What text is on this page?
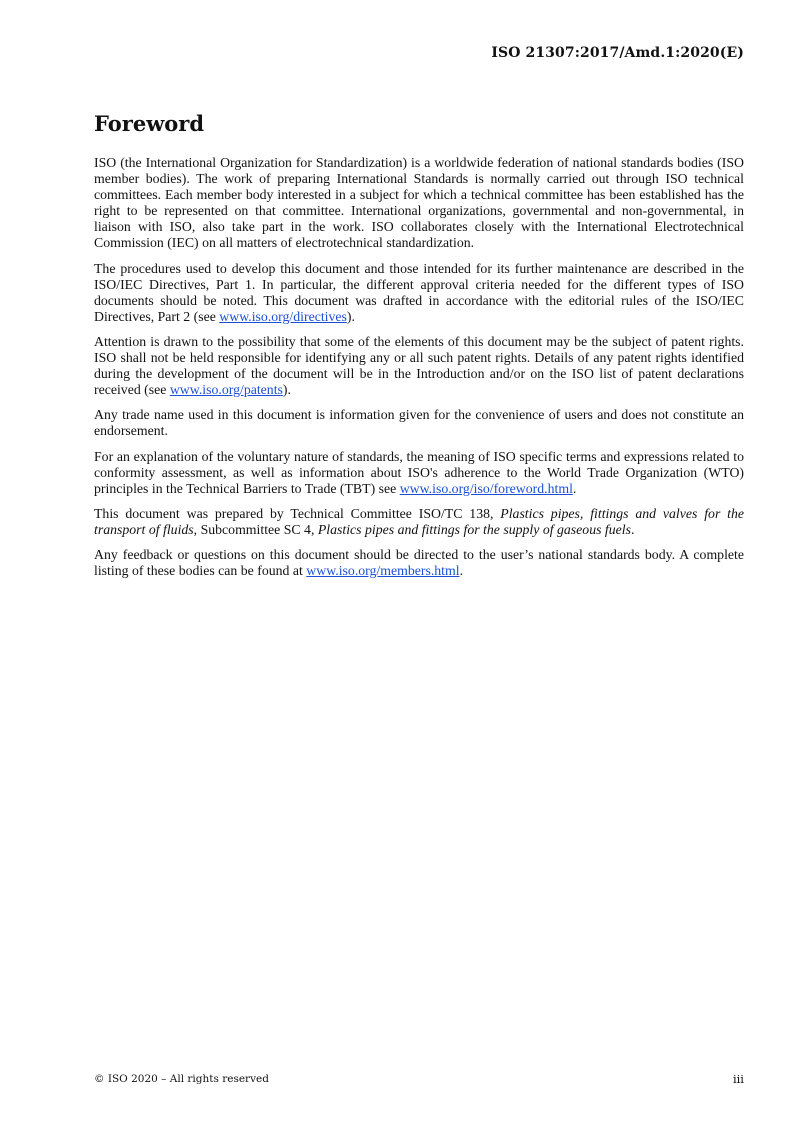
ISO 21307:2017/Amd.1:2020(E)
Foreword

ISO (the International Organization for Standardization) is a worldwide federation of national standards bodies (ISO member bodies). The work of preparing International Standards is normally carried out through ISO technical committees. Each member body interested in a subject for which a technical committee has been established has the right to be represented on that committee. International organizations, governmental and non-governmental, in liaison with ISO, also take part in the work. ISO collaborates closely with the International Electrotechnical Commission (IEC) on all matters of electrotechnical standardization.

The procedures used to develop this document and those intended for its further maintenance are described in the ISO/IEC Directives, Part 1. In particular, the different approval criteria needed for the different types of ISO documents should be noted. This document was drafted in accordance with the editorial rules of the ISO/IEC Directives, Part 2 (see www.iso.org/directives).

Attention is drawn to the possibility that some of the elements of this document may be the subject of patent rights. ISO shall not be held responsible for identifying any or all such patent rights. Details of any patent rights identified during the development of the document will be in the Introduction and/or on the ISO list of patent declarations received (see www.iso.org/patents).

Any trade name used in this document is information given for the convenience of users and does not constitute an endorsement.

For an explanation of the voluntary nature of standards, the meaning of ISO specific terms and expressions related to conformity assessment, as well as information about ISO's adherence to the World Trade Organization (WTO) principles in the Technical Barriers to Trade (TBT) see www.iso.org/iso/foreword.html.

This document was prepared by Technical Committee ISO/TC 138, Plastics pipes, fittings and valves for the transport of fluids, Subcommittee SC 4, Plastics pipes and fittings for the supply of gaseous fuels.

Any feedback or questions on this document should be directed to the user’s national standards body. A complete listing of these bodies can be found at www.iso.org/members.html.

© ISO 2020 – All rights reserved	iii
